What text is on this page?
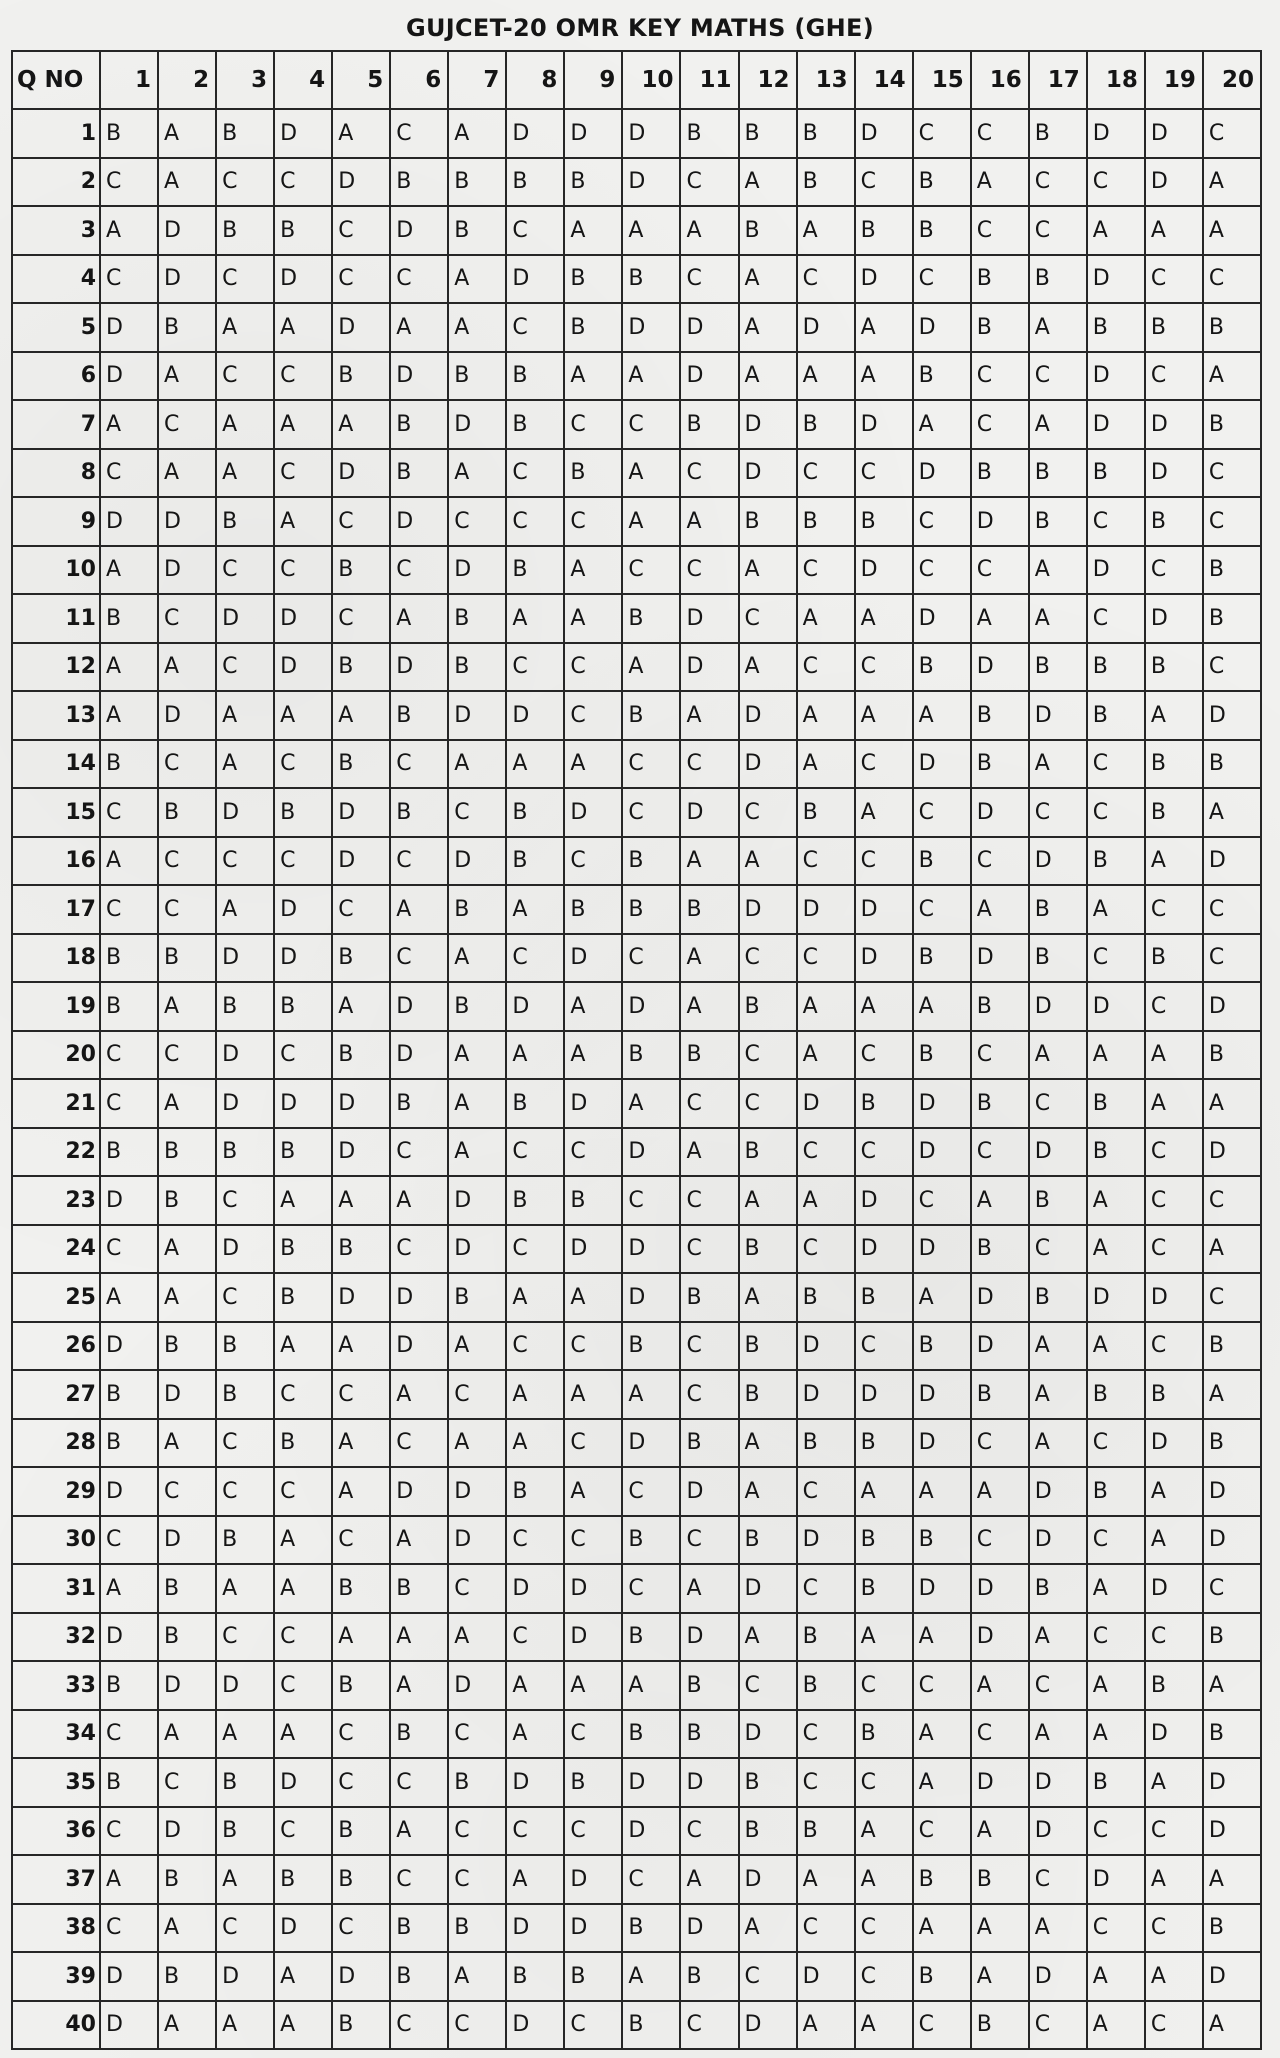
GUJCET-20 OMR KEY MATHS (GHE)
Q NO	1	2	3	4	5	6	7	8	9	10	11	12	13	14	15	16	17	18	19	20
1	B	A	B	D	A	C	A	D	D	D	B	B	B	D	C	C	B	D	D	C
2	C	A	C	C	D	B	B	B	B	D	C	A	B	C	B	A	C	C	D	A
3	A	D	B	B	C	D	B	C	A	A	A	B	A	B	B	C	C	A	A	A
4	C	D	C	D	C	C	A	D	B	B	C	A	C	D	C	B	B	D	C	C
5	D	B	A	A	D	A	A	C	B	D	D	A	D	A	D	B	A	B	B	B
6	D	A	C	C	B	D	B	B	A	A	D	A	A	A	B	C	C	D	C	A
7	A	C	A	A	A	B	D	B	C	C	B	D	B	D	A	C	A	D	D	B
8	C	A	A	C	D	B	A	C	B	A	C	D	C	C	D	B	B	B	D	C
9	D	D	B	A	C	D	C	C	C	A	A	B	B	B	C	D	B	C	B	C
10	A	D	C	C	B	C	D	B	A	C	C	A	C	D	C	C	A	D	C	B
11	B	C	D	D	C	A	B	A	A	B	D	C	A	A	D	A	A	C	D	B
12	A	A	C	D	B	D	B	C	C	A	D	A	C	C	B	D	B	B	B	C
13	A	D	A	A	A	B	D	D	C	B	A	D	A	A	A	B	D	B	A	D
14	B	C	A	C	B	C	A	A	A	C	C	D	A	C	D	B	A	C	B	B
15	C	B	D	B	D	B	C	B	D	C	D	C	B	A	C	D	C	C	B	A
16	A	C	C	C	D	C	D	B	C	B	A	A	C	C	B	C	D	B	A	D
17	C	C	A	D	C	A	B	A	B	B	B	D	D	D	C	A	B	A	C	C
18	B	B	D	D	B	C	A	C	D	C	A	C	C	D	B	D	B	C	B	C
19	B	A	B	B	A	D	B	D	A	D	A	B	A	A	A	B	D	D	C	D
20	C	C	D	C	B	D	A	A	A	B	B	C	A	C	B	C	A	A	A	B
21	C	A	D	D	D	B	A	B	D	A	C	C	D	B	D	B	C	B	A	A
22	B	B	B	B	D	C	A	C	C	D	A	B	C	C	D	C	D	B	C	D
23	D	B	C	A	A	A	D	B	B	C	C	A	A	D	C	A	B	A	C	C
24	C	A	D	B	B	C	D	C	D	D	C	B	C	D	D	B	C	A	C	A
25	A	A	C	B	D	D	B	A	A	D	B	A	B	B	A	D	B	D	D	C
26	D	B	B	A	A	D	A	C	C	B	C	B	D	C	B	D	A	A	C	B
27	B	D	B	C	C	A	C	A	A	A	C	B	D	D	D	B	A	B	B	A
28	B	A	C	B	A	C	A	A	C	D	B	A	B	B	D	C	A	C	D	B
29	D	C	C	C	A	D	D	B	A	C	D	A	C	A	A	A	D	B	A	D
30	C	D	B	A	C	A	D	C	C	B	C	B	D	B	B	C	D	C	A	D
31	A	B	A	A	B	B	C	D	D	C	A	D	C	B	D	D	B	A	D	C
32	D	B	C	C	A	A	A	C	D	B	D	A	B	A	A	D	A	C	C	B
33	B	D	D	C	B	A	D	A	A	A	B	C	B	C	C	A	C	A	B	A
34	C	A	A	A	C	B	C	A	C	B	B	D	C	B	A	C	A	A	D	B
35	B	C	B	D	C	C	B	D	B	D	D	B	C	C	A	D	D	B	A	D
36	C	D	B	C	B	A	C	C	C	D	C	B	B	A	C	A	D	C	C	D
37	A	B	A	B	B	C	C	A	D	C	A	D	A	A	B	B	C	D	A	A
38	C	A	C	D	C	B	B	D	D	B	D	A	C	C	A	A	A	C	C	B
39	D	B	D	A	D	B	A	B	B	A	B	C	D	C	B	A	D	A	A	D
40	D	A	A	A	B	C	C	D	C	B	C	D	A	A	C	B	C	A	C	A
